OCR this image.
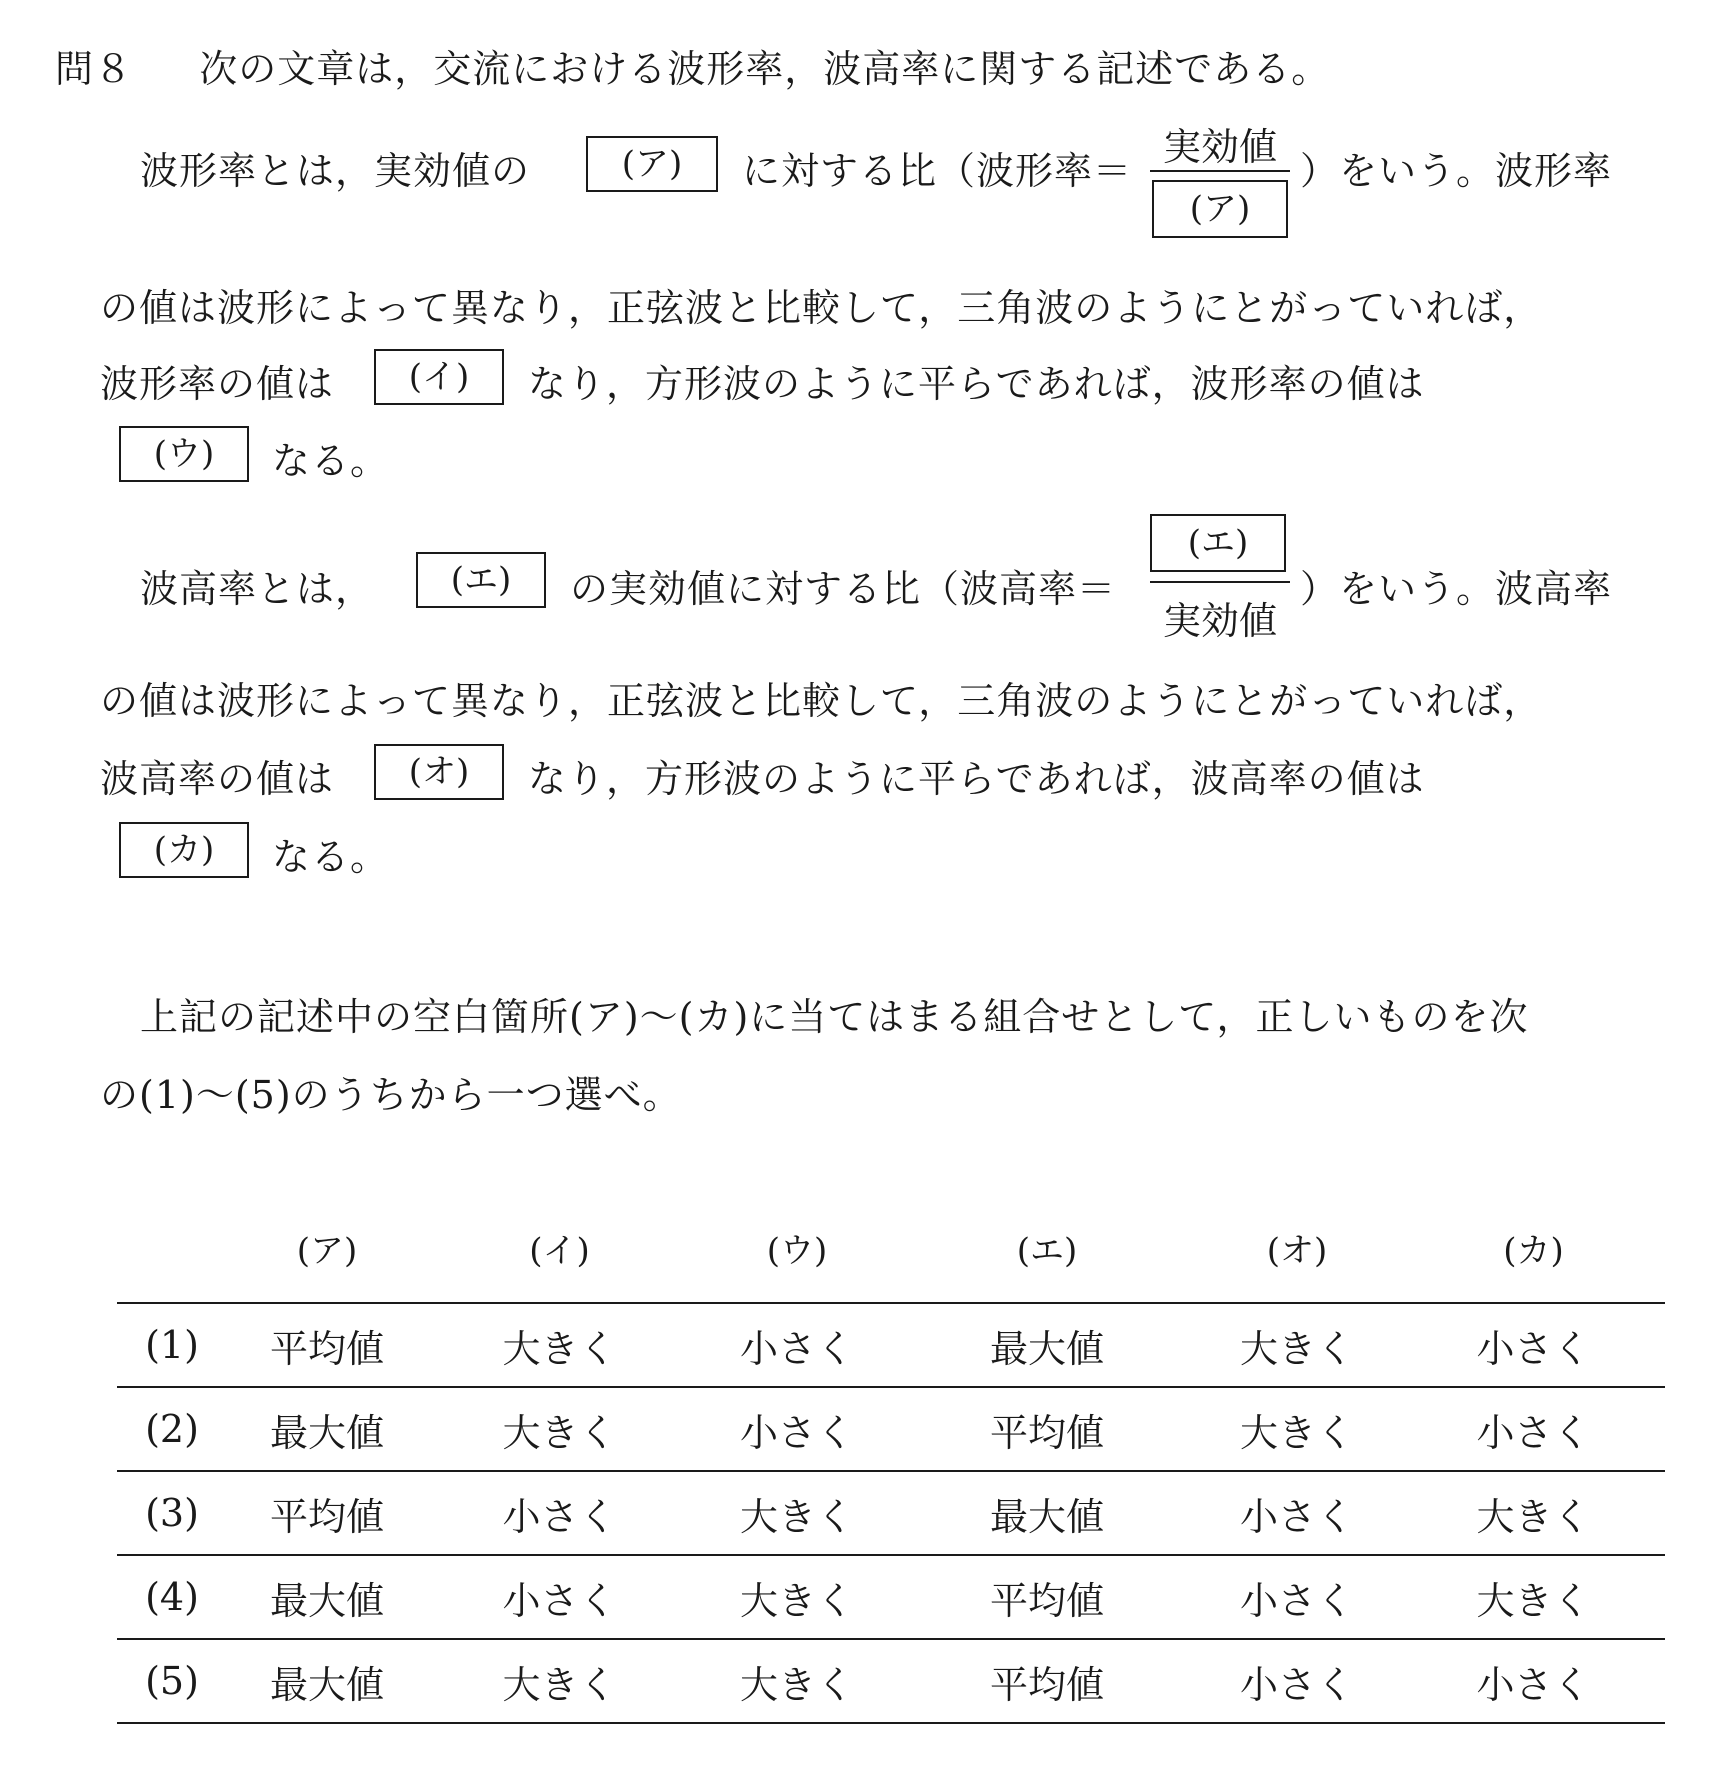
問８ 次の文章は，交流における波形率，波高率に関する記述である。
波形率とは，実効値の	(ア)	に対する比（波形率＝
実効値
(ア)
）をいう。波形率
の値は波形によって異なり，正弦波と比較して，三角波のようにとがっていれば，
波形率の値は	(イ)	なり，方形波のように平らであれば，波形率の値は
(ウ)	なる。
波高率とは，	(エ)	の実効値に対する比（波高率＝
(エ)
実効値
）をいう。波高率
の値は波形によって異なり，正弦波と比較して，三角波のようにとがっていれば，
波高率の値は	(オ)	なり，方形波のように平らであれば，波高率の値は
(カ)	なる。
上記の記述中の空白箇所(ア)～(カ)に当てはまる組合せとして，正しいものを次
の(1)～(5)のうちから一つ選べ。
	(ア)	(イ)	(ウ)	(エ)	(オ)	(カ)
(1)	平均値	大きく	小さく	最大値	大きく	小さく
(2)	最大値	大きく	小さく	平均値	大きく	小さく
(3)	平均値	小さく	大きく	最大値	小さく	大きく
(4)	最大値	小さく	大きく	平均値	小さく	大きく
(5)	最大値	大きく	大きく	平均値	小さく	小さく
